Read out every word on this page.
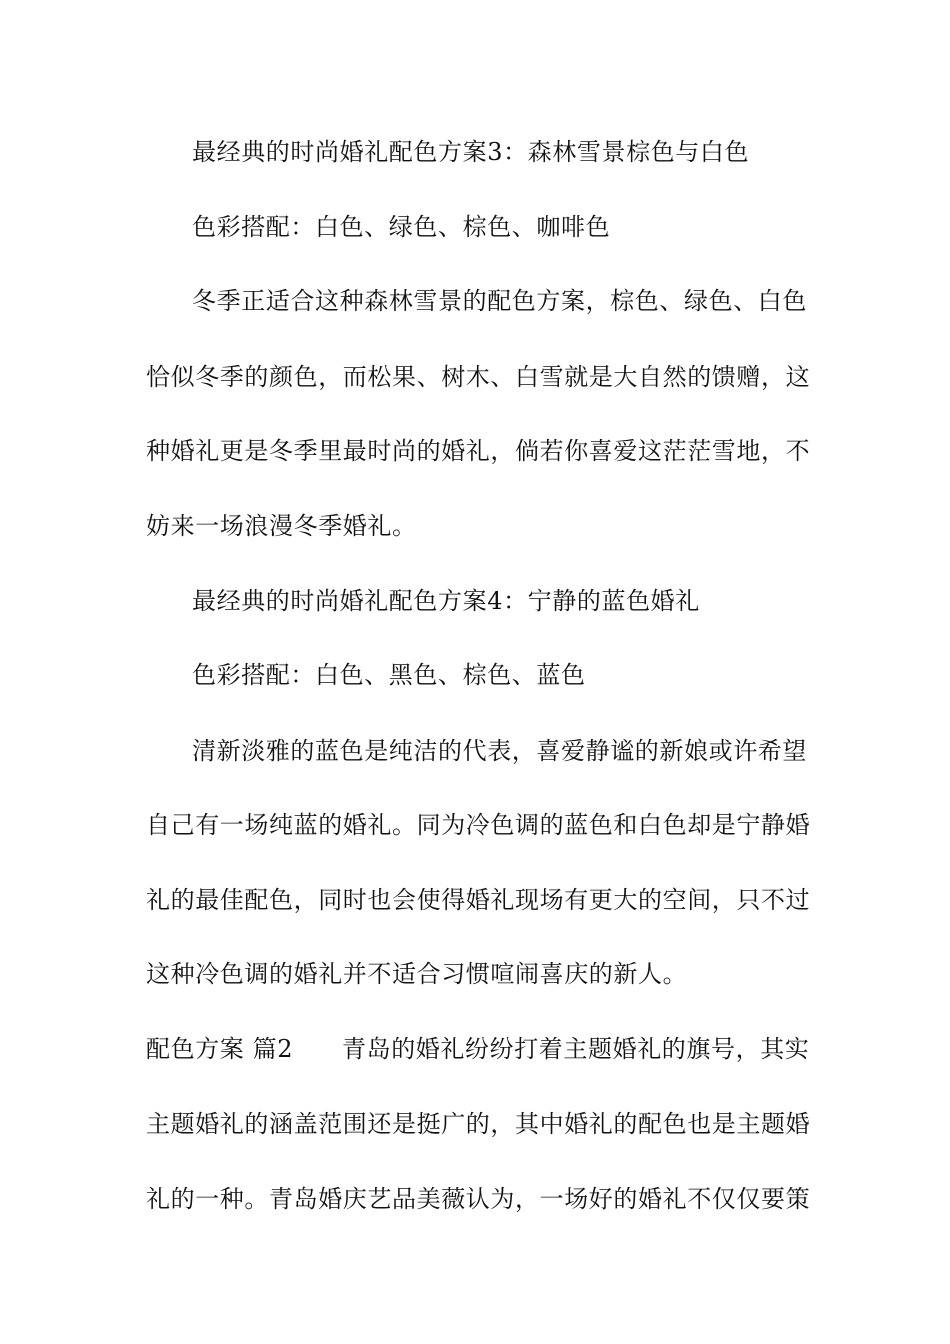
最经典的时尚婚礼配色方案3：森林雪景棕色与白色
色彩搭配：白色、绿色、棕色、咖啡色
冬季正适合这种森林雪景的配色方案，棕色、绿色、白色
恰似冬季的颜色，而松果、树木、白雪就是大自然的馈赠，这
种婚礼更是冬季里最时尚的婚礼，倘若你喜爱这茫茫雪地，不
妨来一场浪漫冬季婚礼。
最经典的时尚婚礼配色方案4：宁静的蓝色婚礼
色彩搭配：白色、黑色、棕色、蓝色
清新淡雅的蓝色是纯洁的代表，喜爱静谧的新娘或许希望
自己有一场纯蓝的婚礼。同为冷色调的蓝色和白色却是宁静婚
礼的最佳配色，同时也会使得婚礼现场有更大的空间，只不过
这种冷色调的婚礼并不适合习惯喧闹喜庆的新人。
配色方案 篇2 青岛的婚礼纷纷打着主题婚礼的旗号，其实
主题婚礼的涵盖范围还是挺广的，其中婚礼的配色也是主题婚
礼的一种。青岛婚庆艺品美薇认为，一场好的婚礼不仅仅要策
